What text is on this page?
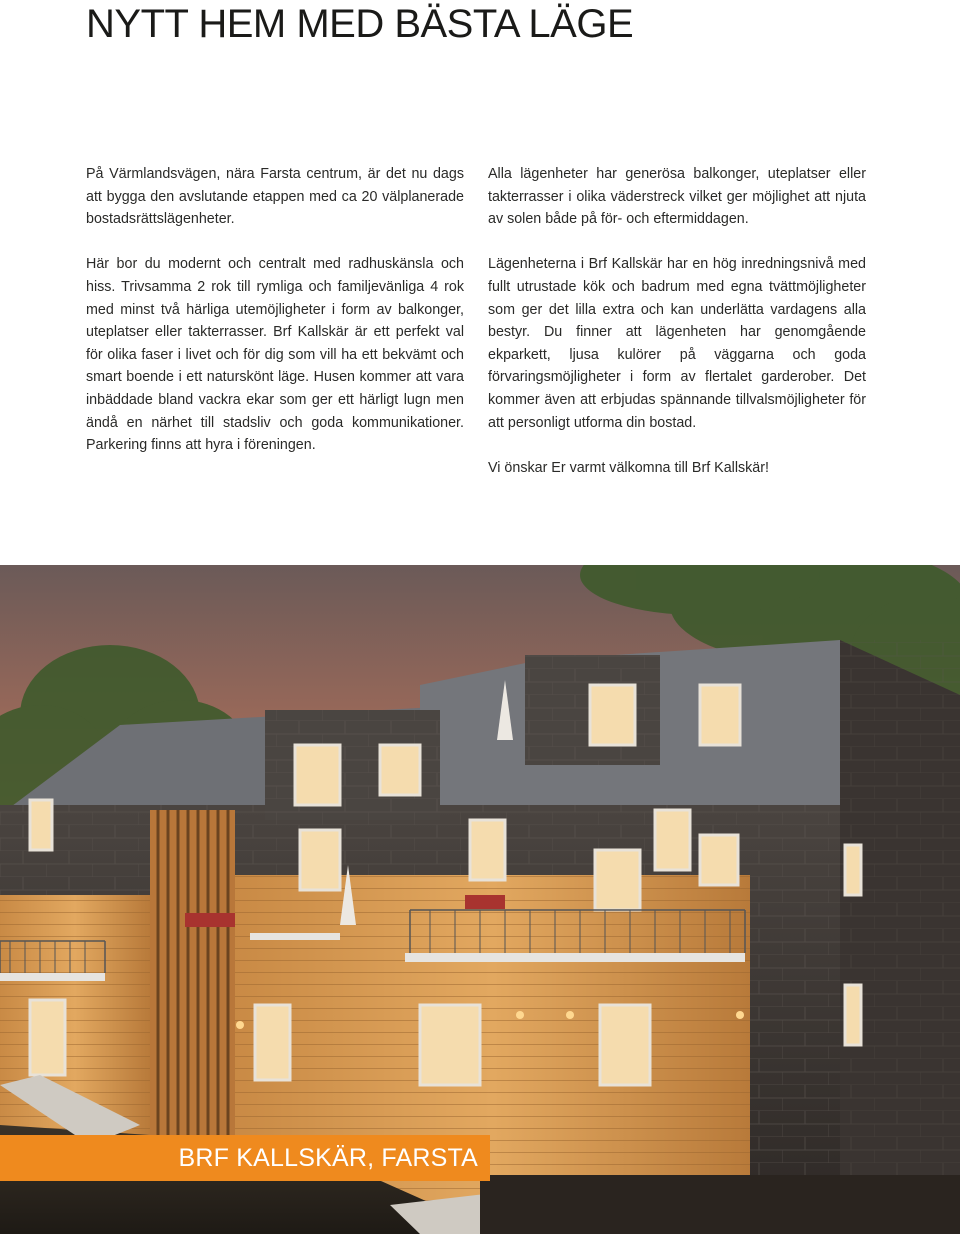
NYTT HEM MED BÄSTA LÄGE

På Värmlandsvägen, nära Farsta centrum, är det nu dags att bygga den avslutande etappen med ca 20 välplanerade bostadsrättslägenheter.

Här bor du modernt och centralt med radhuskänsla och hiss. Trivsamma 2 rok till rymliga och familjevänliga 4 rok med minst två härliga utemöjligheter i form av balkonger, uteplatser eller takterrasser. Brf Kallskär är ett perfekt val för olika faser i livet och för dig som vill ha ett bekvämt och smart boende i ett naturskönt läge. Husen kommer att vara inbäddade bland vackra ekar som ger ett härligt lugn men ändå en närhet till stadsliv och goda kommunikationer. Parkering finns att hyra i föreningen.

Alla lägenheter har generösa balkonger, uteplatser eller takterrasser i olika väderstreck vilket ger möjlighet att njuta av solen både på för- och eftermiddagen.

Lägenheterna i Brf Kallskär har en hög inredningsnivå med fullt utrustade kök och badrum med egna tvättmöjligheter som ger det lilla extra och kan underlätta vardagens alla bestyr. Du finner att lägenheten har genomgående ekparkett, ljusa kulörer på väggarna och goda förvaringsmöjligheter i form av flertalet garderober. Det kommer även att erbjudas spännande tillvalsmöjligheter för att personligt utforma din bostad.

Vi önskar Er varmt välkomna till Brf Kallskär!

BRF KALLSKÄR, FARSTA
